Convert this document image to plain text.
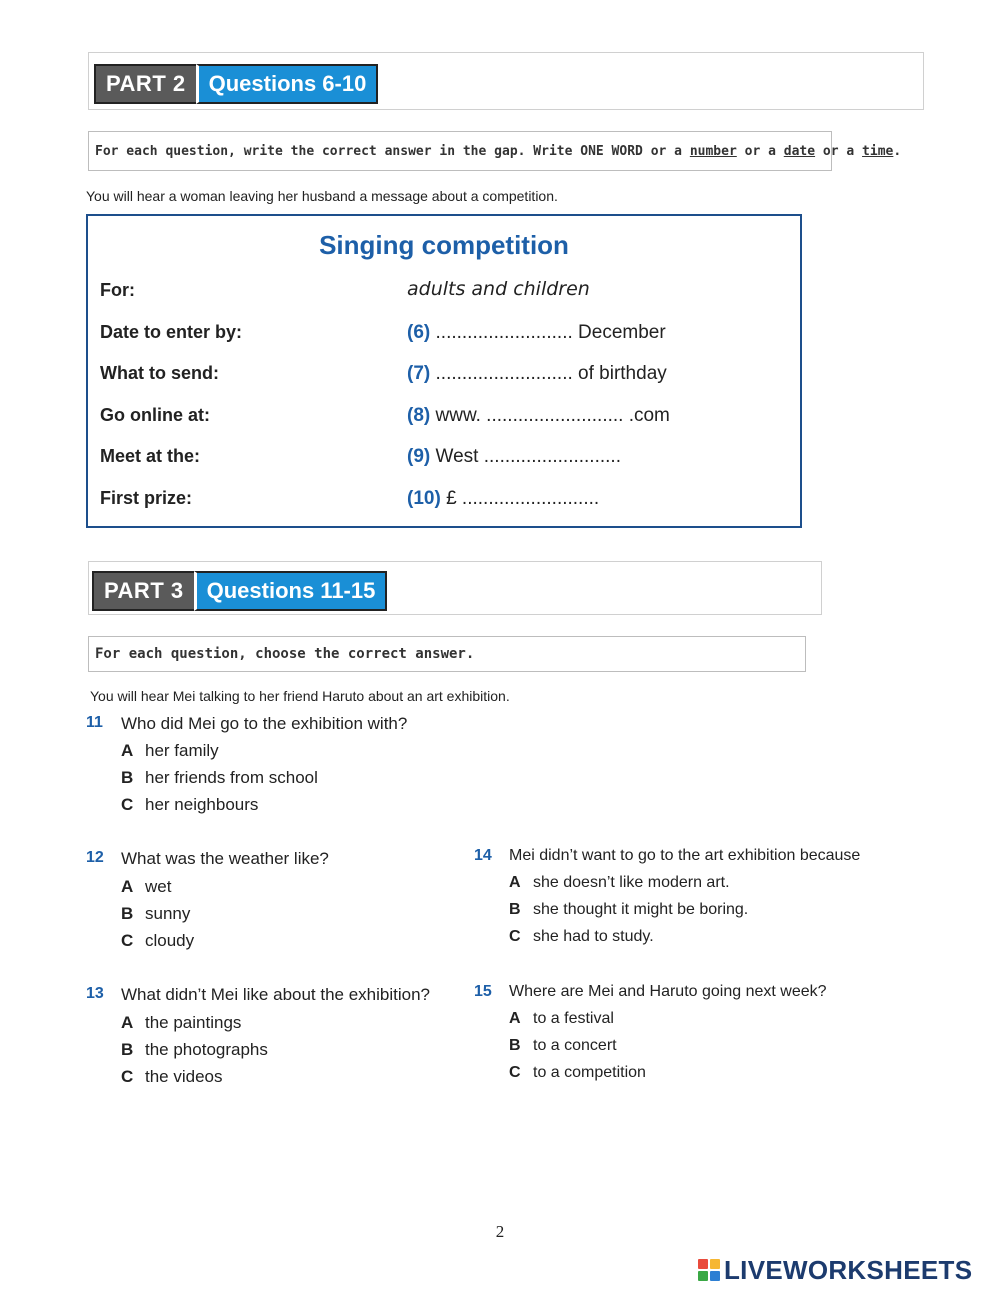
PART 2	Questions 6-10
For each question, write the correct answer in the gap. Write ONE WORD or a number or a date or a time .
You will hear a woman leaving her husband a message about a competition.
Singing competition
For:	adults and children
Date to enter by:	(6) .......................... December
What to send:	(7) .......................... of birthday
Go online at:	(8) www. .......................... .com
Meet at the:	(9) West ..........................
First prize:	(10) £ ..........................
PART 3	Questions 11-15
For each question, choose the correct answer.
You will hear Mei talking to her friend Haruto about an art exhibition.
11 Who did Mei go to the exhibition with?
A her family
B her friends from school
C her neighbours
12 What was the weather like?
A wet
B sunny
C cloudy
13 What didn’t Mei like about the exhibition?
A the paintings
B the photographs
C the videos
14 Mei didn’t want to go to the art exhibition because
A she doesn’t like modern art.
B she thought it might be boring.
C she had to study.
15 Where are Mei and Haruto going next week?
A to a festival
B to a concert
C to a competition
2
LIVEWORKSHEETS
